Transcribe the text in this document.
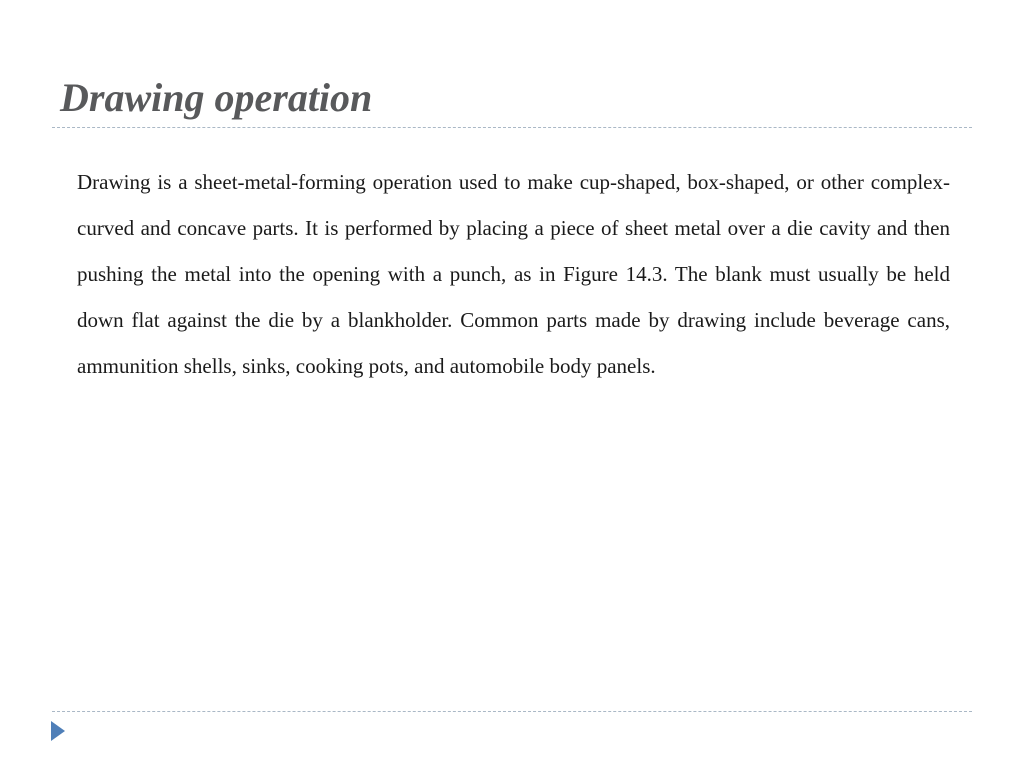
Drawing operation

Drawing is a sheet-metal-forming operation used to make cup-shaped, box-shaped, or other complex-curved and concave parts. It is performed by placing a piece of sheet metal over a die cavity and then pushing the metal into the opening with a punch, as in Figure 14.3. The blank must usually be held down flat against the die by a blankholder. Common parts made by drawing include beverage cans, ammunition shells, sinks, cooking pots, and automobile body panels.
